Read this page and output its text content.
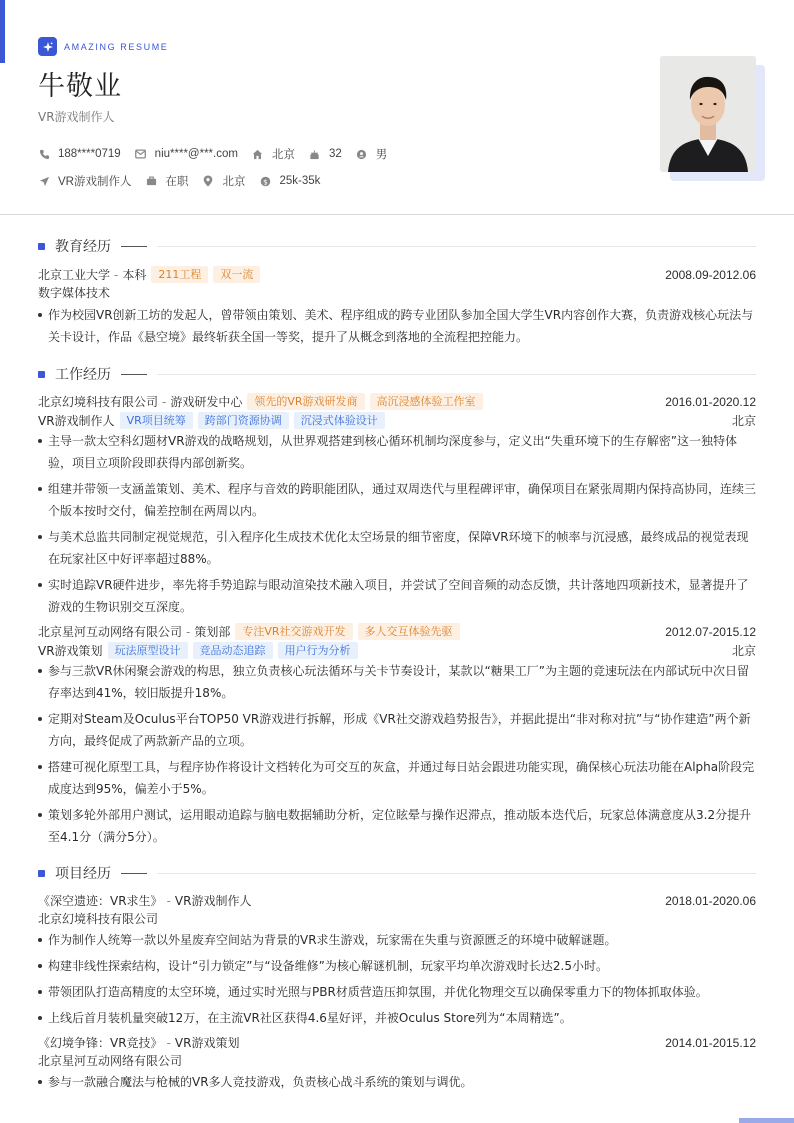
AMAZING RESUME
牛敬业
VR游戏制作人
188****0719	niu****@***.com	北京	32	男
VR游戏制作人	在职	北京 $ 25k-35k
教育经历
北京工业大学 - 本科	211工程	双一流	2008.09-2012.06
数字媒体技术
作为校园VR创新工坊的发起人，曾带领由策划、美术、程序组成的跨专业团队参加全国大学生VR内容创作大赛，负责游戏核心玩法与关卡设计，作品《悬空境》最终斩获全国一等奖，提升了从概念到落地的全流程把控能力。
工作经历
北京幻境科技有限公司 - 游戏研发中心	领先的VR游戏研发商	高沉浸感体验工作室	2016.01-2020.12
VR游戏制作人	VR项目统筹	跨部门资源协调	沉浸式体验设计	北京
主导一款太空科幻题材VR游戏的战略规划，从世界观搭建到核心循环机制均深度参与，定义出“失重环境下的生存解密”这一独特体验，项目立项阶段即获得内部创新奖。
组建并带领一支涵盖策划、美术、程序与音效的跨职能团队，通过双周迭代与里程碑评审，确保项目在紧张周期内保持高协同，连续三个版本按时交付，偏差控制在两周以内。
与美术总监共同制定视觉规范，引入程序化生成技术优化太空场景的细节密度，保障VR环境下的帧率与沉浸感，最终成品的视觉表现在玩家社区中好评率超过88%。
实时追踪VR硬件进步，率先将手势追踪与眼动渲染技术融入项目，并尝试了空间音频的动态反馈，共计落地四项新技术，显著提升了游戏的生物识别交互深度。
北京星河互动网络有限公司 - 策划部	专注VR社交游戏开发	多人交互体验先驱	2012.07-2015.12
VR游戏策划	玩法原型设计	竞品动态追踪	用户行为分析	北京
参与三款VR休闲聚会游戏的构思，独立负责核心玩法循环与关卡节奏设计，某款以“糖果工厂”为主题的竞速玩法在内部试玩中次日留存率达到41%，较旧版提升18%。
定期对Steam及Oculus平台TOP50 VR游戏进行拆解，形成《VR社交游戏趋势报告》，并据此提出“非对称对抗”与“协作建造”两个新方向，最终促成了两款新产品的立项。
搭建可视化原型工具，与程序协作将设计文档转化为可交互的灰盒，并通过每日站会跟进功能实现，确保核心玩法功能在Alpha阶段完成度达到95%，偏差小于5%。
策划多轮外部用户测试，运用眼动追踪与脑电数据辅助分析，定位眩晕与操作迟滞点，推动版本迭代后，玩家总体满意度从3.2分提升至4.1分（满分5分）。
项目经历
《深空遗迹：VR求生》 - VR游戏制作人	2018.01-2020.06
北京幻境科技有限公司
作为制作人统筹一款以外星废弃空间站为背景的VR求生游戏，玩家需在失重与资源匮乏的环境中破解谜题。
构建非线性探索结构，设计“引力锁定”与“设备维修”为核心解谜机制，玩家平均单次游戏时长达2.5小时。
带领团队打造高精度的太空环境，通过实时光照与PBR材质营造压抑氛围，并优化物理交互以确保零重力下的物体抓取体验。
上线后首月装机量突破12万，在主流VR社区获得4.6星好评，并被Oculus Store列为“本周精选”。
《幻境争锋：VR竞技》 - VR游戏策划	2014.01-2015.12
北京星河互动网络有限公司
参与一款融合魔法与枪械的VR多人竞技游戏，负责核心战斗系统的策划与调优。
